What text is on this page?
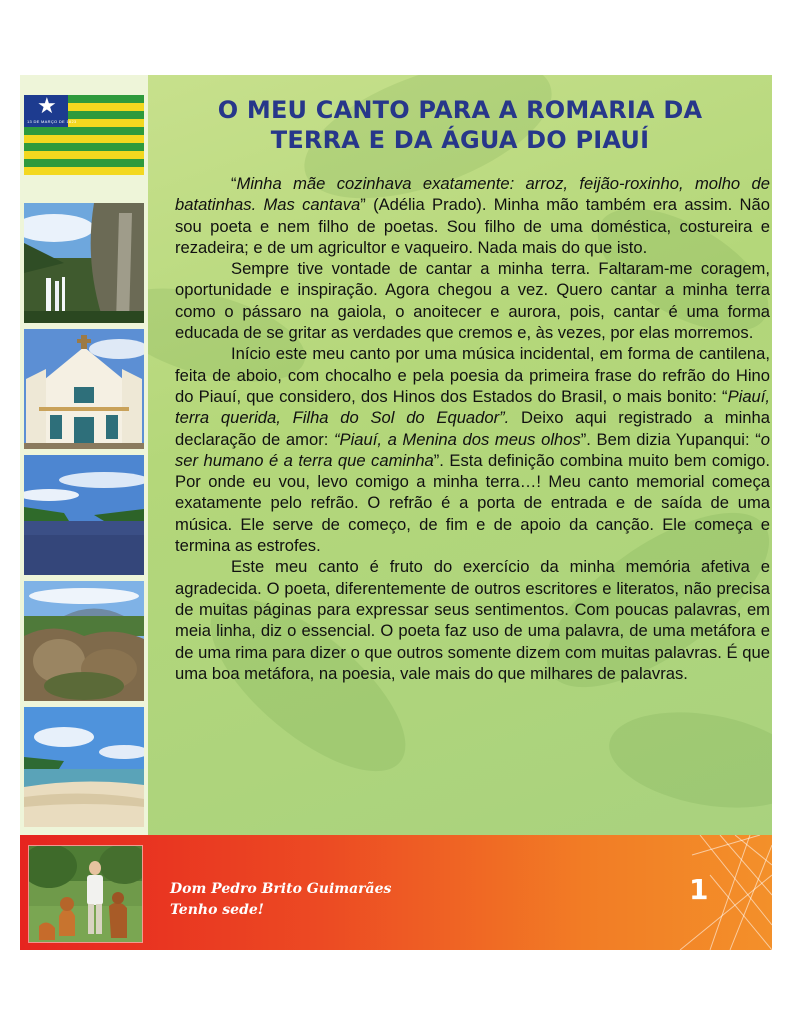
★
13 DE MARÇO DE 1823	O MEU CANTO PARA A ROMARIA DA
TERRA E DA ÁGUA DO PIAUÍ

“Minha mãe cozinhava exatamente: arroz, feijão-roxinho, molho de batatinhas. Mas cantava” (Adélia Prado). Minha mão também era assim. Não sou poeta e nem filho de poetas. Sou filho de uma doméstica, costureira e rezadeira; e de um agricultor e vaqueiro. Nada mais do que isto.

Sempre tive vontade de cantar a minha terra. Faltaram-me coragem, oportunidade e inspiração. Agora chegou a vez. Quero cantar a minha terra como o pássaro na gaiola, o anoitecer e aurora, pois, cantar é uma forma educada de se gritar as verdades que cremos e, às vezes, por elas morremos.

Início este meu canto por uma música incidental, em forma de cantilena, feita de aboio, com chocalho e pela poesia da primeira frase do refrão do Hino do Piauí, que considero, dos Hinos dos Estados do Brasil, o mais bonito: “Piauí, terra querida, Filha do Sol do Equador”. Deixo aqui registrado a minha declaração de amor: “Piauí, a Menina dos meus olhos”. Bem dizia Yupanqui: “o ser humano é a terra que caminha”. Esta definição combina muito bem comigo. Por onde eu vou, levo comigo a minha terra…! Meu canto memorial começa exatamente pelo refrão. O refrão é a porta de entrada e de saída de uma música. Ele serve de começo, de fim e de apoio da canção. Ele começa e termina as estrofes.

Este meu canto é fruto do exercício da minha memória afetiva e agradecida. O poeta, diferentemente de outros escritores e literatos, não precisa de muitas páginas para expressar seus sentimentos. Com poucas palavras, em meia linha, diz o essencial. O poeta faz uso de uma palavra, de uma metáfora e de uma rima para dizer o que outros somente dizem com muitas palavras. É que uma boa metáfora, na poesia, vale mais do que milhares de palavras.

Dom Pedro Brito Guimarães
Tenho sede!
1
